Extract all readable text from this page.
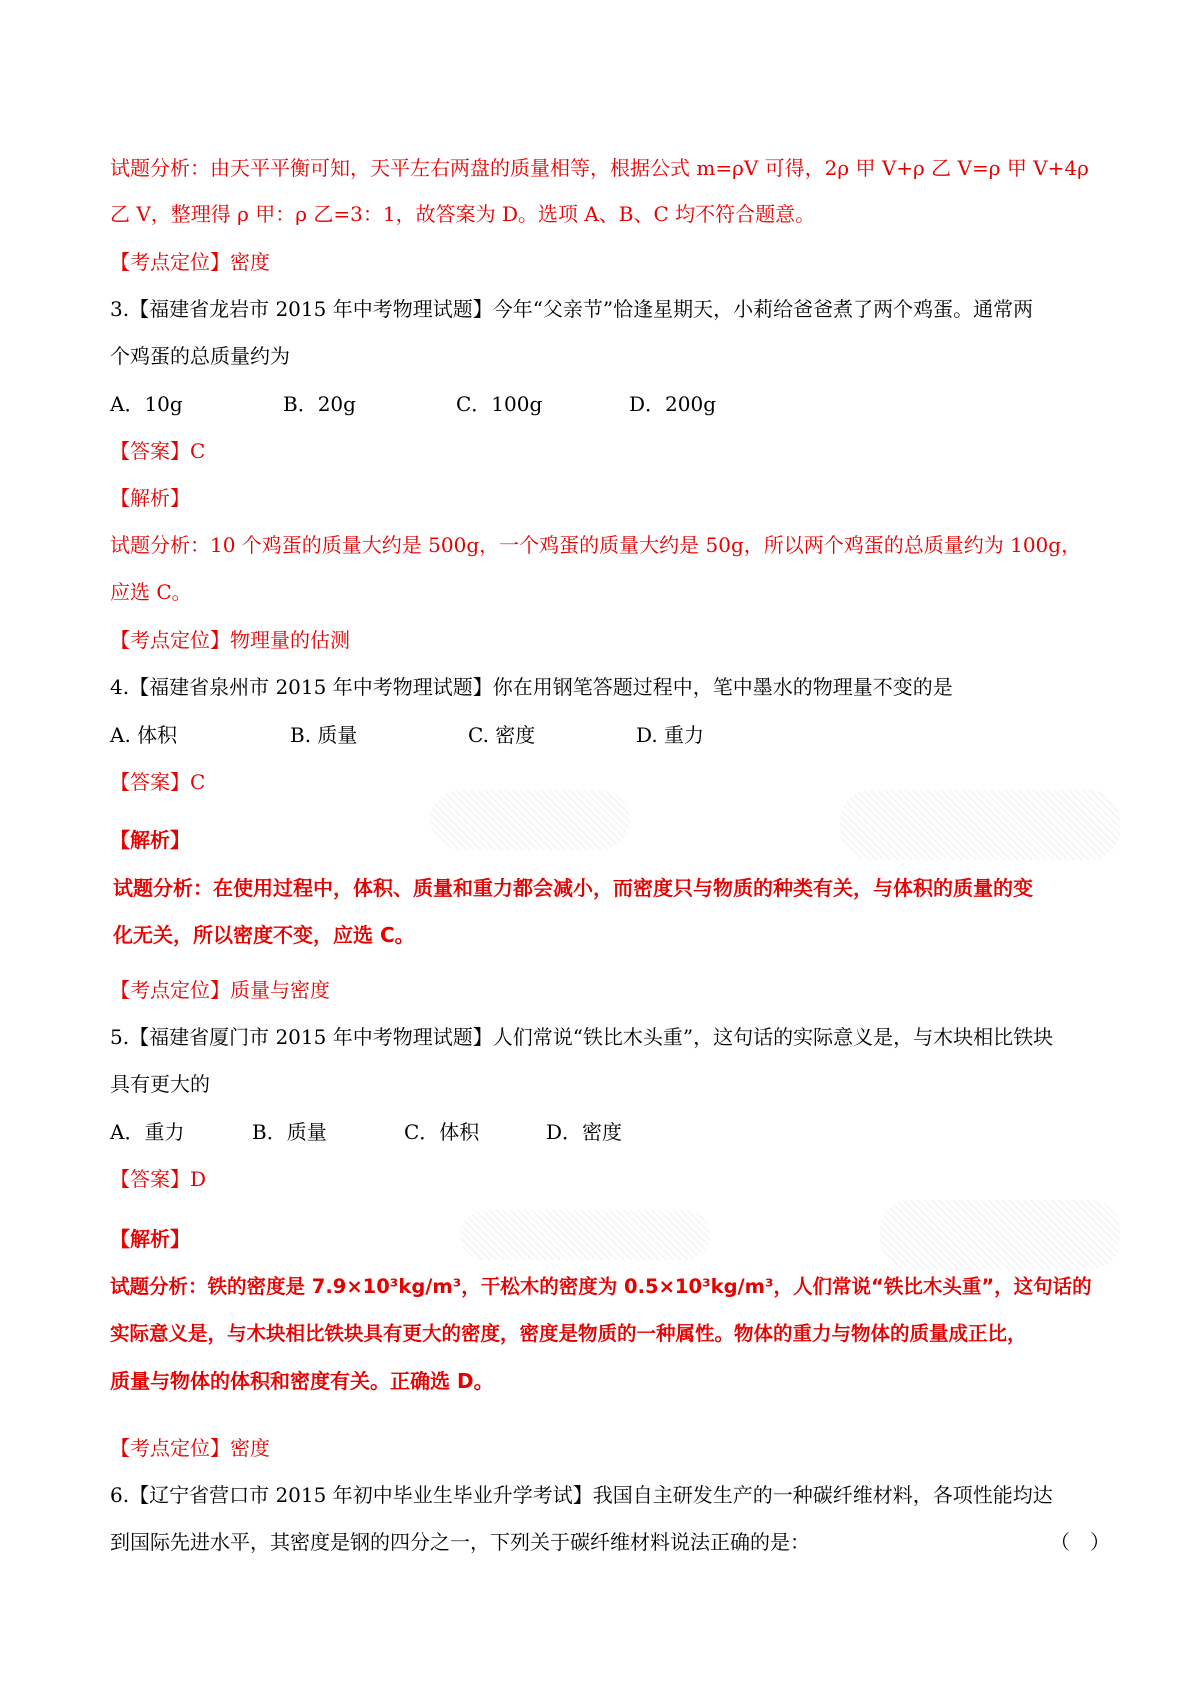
试题分析：由天平平衡可知，天平左右两盘的质量相等，根据公式 m=ρV 可得，2ρ 甲 V+ρ 乙 V=ρ 甲 V+4ρ
乙 V，整理得 ρ 甲：ρ 乙=3：1，故答案为 D。选项 A、B、C 均不符合题意。
【考点定位】密度
3.【福建省龙岩市 2015 年中考物理试题】今年“父亲节”恰逢星期天，小莉给爸爸煮了两个鸡蛋。通常两
个鸡蛋的总质量约为
A．10g	B．20g	C．100g	D．200g
【答案】C
【解析】
试题分析：10 个鸡蛋的质量大约是 500g，一个鸡蛋的质量大约是 50g，所以两个鸡蛋的总质量约为 100g，
应选 C。
【考点定位】物理量的估测
4.【福建省泉州市 2015 年中考物理试题】你在用钢笔答题过程中，笔中墨水的物理量不变的是
A. 体积	B. 质量	C. 密度	D. 重力
【答案】C
【解析】
试题分析：在使用过程中，体积、质量和重力都会减小，而密度只与物质的种类有关，与体积的质量的变
化无关，所以密度不变，应选 C。
【考点定位】质量与密度
5.【福建省厦门市 2015 年中考物理试题】人们常说“铁比木头重”，这句话的实际意义是，与木块相比铁块
具有更大的
A．重力	B．质量	C．体积	D．密度
【答案】D
【解析】
试题分析：铁的密度是 7.9×10³kg/m³，干松木的密度为 0.5×10³kg/m³，人们常说“铁比木头重”，这句话的
实际意义是，与木块相比铁块具有更大的密度，密度是物质的一种属性。物体的重力与物体的质量成正比，
质量与物体的体积和密度有关。正确选 D。
【考点定位】密度
6.【辽宁省营口市 2015 年初中毕业生毕业升学考试】我国自主研发生产的一种碳纤维材料，各项性能均达
到国际先进水平，其密度是钢的四分之一，下列关于碳纤维材料说法正确的是：	（　）
